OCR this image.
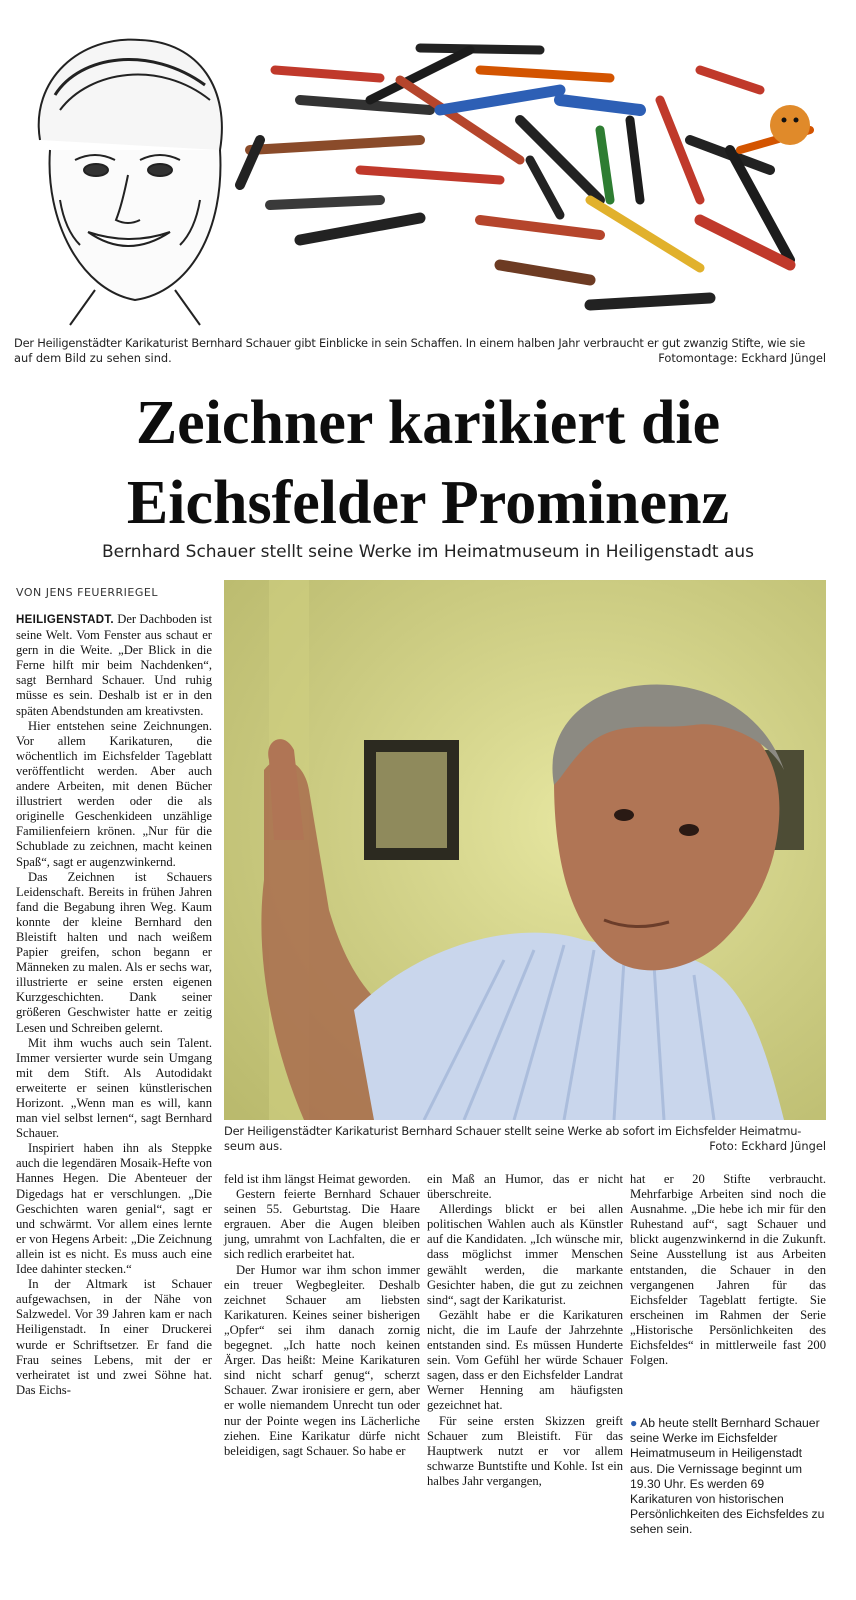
Der Heiligenstädter Karikaturist Bernhard Schauer gibt Einblicke in sein Schaffen. In einem halben Jahr verbraucht er gut zwanzig Stifte, wie sie
auf dem Bild zu sehen sind.	Fotomontage: Eckhard Jüngel
Zeichner karikiert die
Eichsfelder Prominenz
Bernhard Schauer stellt seine Werke im Heimatmuseum in Heiligenstadt aus
VON JENS FEUERRIEGEL
Der Heiligenstädter Karikaturist Bernhard Schauer stellt seine Werke ab sofort im Eichsfelder Heimatmu-
seum aus.	Foto: Eckhard Jüngel

HEILIGENSTADT. Der Dachboden ist seine Welt. Vom Fenster aus schaut er gern in die Weite. „Der Blick in die Ferne hilft mir beim Nachdenken“, sagt Bernhard Schauer. Und ruhig müsse es sein. Deshalb ist er in den späten Abendstunden am kreativsten.

Hier entstehen seine Zeichnungen. Vor allem Karikaturen, die wöchentlich im Eichsfelder Tageblatt veröffentlicht werden. Aber auch andere Arbeiten, mit denen Bücher illustriert werden oder die als originelle Geschenkideen unzählige Familienfeiern krönen. „Nur für die Schublade zu zeichnen, macht keinen Spaß“, sagt er augenzwinkernd.

Das Zeichnen ist Schauers Leidenschaft. Bereits in frühen Jahren fand die Begabung ihren Weg. Kaum konnte der kleine Bernhard den Bleistift halten und nach weißem Papier greifen, schon begann er Männeken zu malen. Als er sechs war, illustrierte er seine ersten eigenen Kurzgeschichten. Dank seiner größeren Geschwister hatte er zeitig Lesen und Schreiben gelernt.

Mit ihm wuchs auch sein Talent. Immer versierter wurde sein Umgang mit dem Stift. Als Autodidakt erweiterte er seinen künstlerischen Horizont. „Wenn man es will, kann man viel selbst lernen“, sagt Bernhard Schauer.

Inspiriert haben ihn als Steppke auch die legendären Mosaik-Hefte von Hannes Hegen. Die Abenteuer der Digedags hat er verschlungen. „Die Geschichten waren genial“, sagt er und schwärmt. Vor allem eines lernte er von Hegens Arbeit: „Die Zeichnung allein ist es nicht. Es muss auch eine Idee dahinter stecken.“

In der Altmark ist Schauer aufgewachsen, in der Nähe von Salzwedel. Vor 39 Jahren kam er nach Heiligenstadt. In einer Druckerei wurde er Schriftsetzer. Er fand die Frau seines Lebens, mit der er verheiratet ist und zwei Söhne hat. Das Eichs-

feld ist ihm längst Heimat geworden.

Gestern feierte Bernhard Schauer seinen 55. Geburtstag. Die Haare ergrauen. Aber die Augen bleiben jung, umrahmt von Lachfalten, die er sich redlich erarbeitet hat.

Der Humor war ihm schon immer ein treuer Wegbegleiter. Deshalb zeichnet Schauer am liebsten Karikaturen. Keines seiner bisherigen „Opfer“ sei ihm danach zornig begegnet. „Ich hatte noch keinen Ärger. Das heißt: Meine Karikaturen sind nicht scharf genug“, scherzt Schauer. Zwar ironisiere er gern, aber er wolle niemandem Unrecht tun oder nur der Pointe wegen ins Lächerliche ziehen. Eine Karikatur dürfe nicht beleidigen, sagt Schauer. So habe er

ein Maß an Humor, das er nicht überschreite.

Allerdings blickt er bei allen politischen Wahlen auch als Künstler auf die Kandidaten. „Ich wünsche mir, dass möglichst immer Menschen gewählt werden, die markante Gesichter haben, die gut zu zeichnen sind“, sagt der Karikaturist.

Gezählt habe er die Karikaturen nicht, die im Laufe der Jahrzehnte entstanden sind. Es müssen Hunderte sein. Vom Gefühl her würde Schauer sagen, dass er den Eichsfelder Landrat Werner Henning am häufigsten gezeichnet hat.

Für seine ersten Skizzen greift Schauer zum Bleistift. Für das Hauptwerk nutzt er vor allem schwarze Buntstifte und Kohle. Ist ein halbes Jahr vergangen,

hat er 20 Stifte verbraucht. Mehrfarbige Arbeiten sind noch die Ausnahme. „Die hebe ich mir für den Ruhestand auf“, sagt Schauer und blickt augenzwinkernd in die Zukunft. Seine Ausstellung ist aus Arbeiten entstanden, die Schauer in den vergangenen Jahren für das Eichsfelder Tageblatt fertigte. Sie erscheinen im Rahmen der Serie „Historische Persönlichkeiten des Eichsfeldes“ in mittlerweile fast 200 Folgen.

● Ab heute stellt Bernhard Schauer seine Werke im Eichsfelder Heimatmuseum in Heiligenstadt aus. Die Vernissage beginnt um 19.30 Uhr. Es werden 69 Karikaturen von historischen Persönlichkeiten des Eichsfeldes zu sehen sein.
